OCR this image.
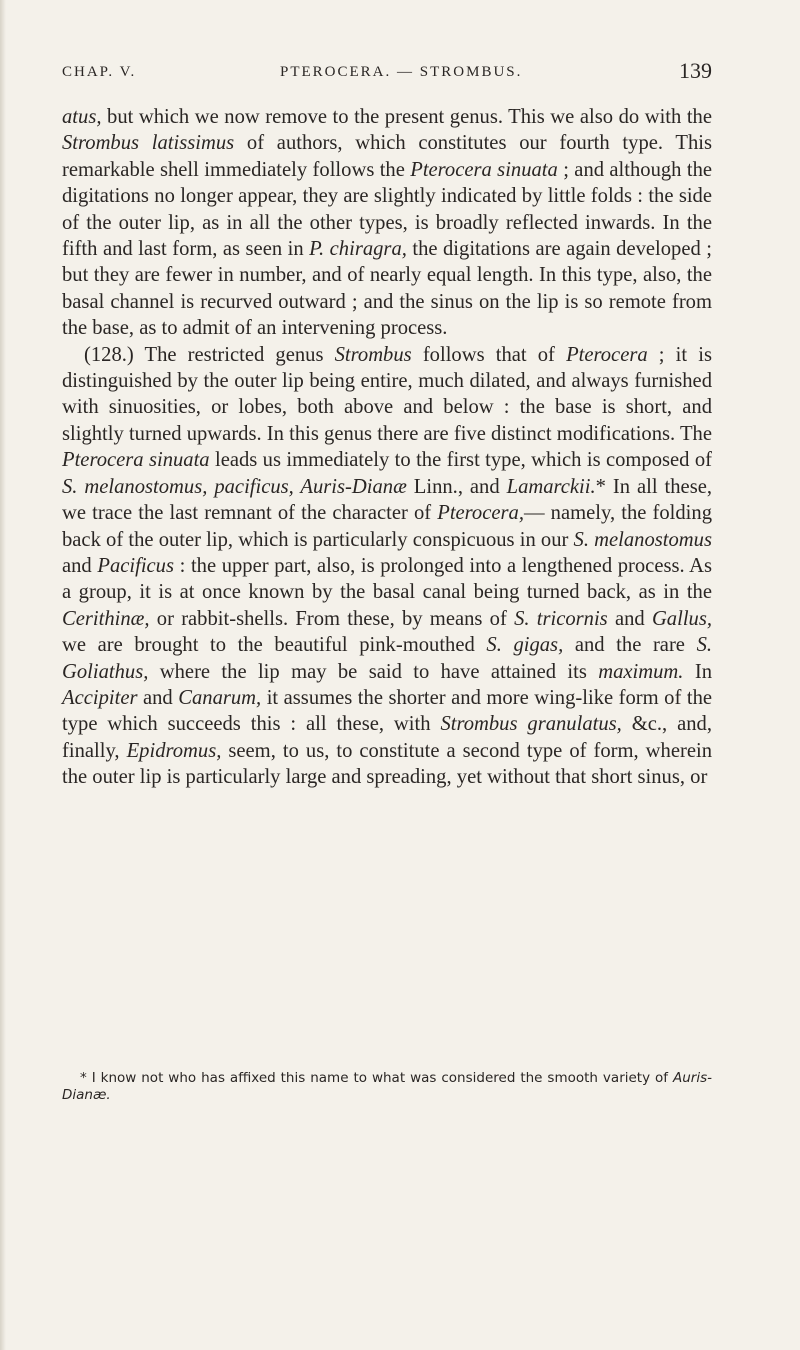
CHAP. V.	PTEROCERA. — STROMBUS.	139

atus, but which we now remove to the present genus. This we also do with the Strombus latissimus of authors, which constitutes our fourth type. This remarkable shell immediately follows the Pterocera sinuata ; and although the digitations no longer appear, they are slightly indicated by little folds : the side of the outer lip, as in all the other types, is broadly reflected inwards. In the fifth and last form, as seen in P. chiragra, the digitations are again developed ; but they are fewer in number, and of nearly equal length. In this type, also, the basal channel is recurved outward ; and the sinus on the lip is so remote from the base, as to admit of an intervening process.

(128.) The restricted genus Strombus follows that of Pterocera ; it is distinguished by the outer lip being entire, much dilated, and always furnished with sinuosities, or lobes, both above and below : the base is short, and slightly turned upwards. In this genus there are five distinct modifications. The Pterocera sinuata leads us immediately to the first type, which is composed of S. melanostomus, pacificus, Auris-Dianæ Linn., and Lamarckii.* In all these, we trace the last remnant of the character of Pterocera,— namely, the folding back of the outer lip, which is particularly conspicuous in our S. melanostomus and Pacificus : the upper part, also, is prolonged into a lengthened process. As a group, it is at once known by the basal canal being turned back, as in the Cerithinæ, or rabbit-shells. From these, by means of S. tricornis and Gallus, we are brought to the beautiful pink-mouthed S. gigas, and the rare S. Goliathus, where the lip may be said to have attained its maximum. In Accipiter and Canarum, it assumes the shorter and more wing-like form of the type which succeeds this : all these, with Strombus granulatus, &c., and, finally, Epidromus, seem, to us, to constitute a second type of form, wherein the outer lip is particularly large and spreading, yet without that short sinus, or

* I know not who has affixed this name to what was considered the smooth variety of Auris-Dianæ.
